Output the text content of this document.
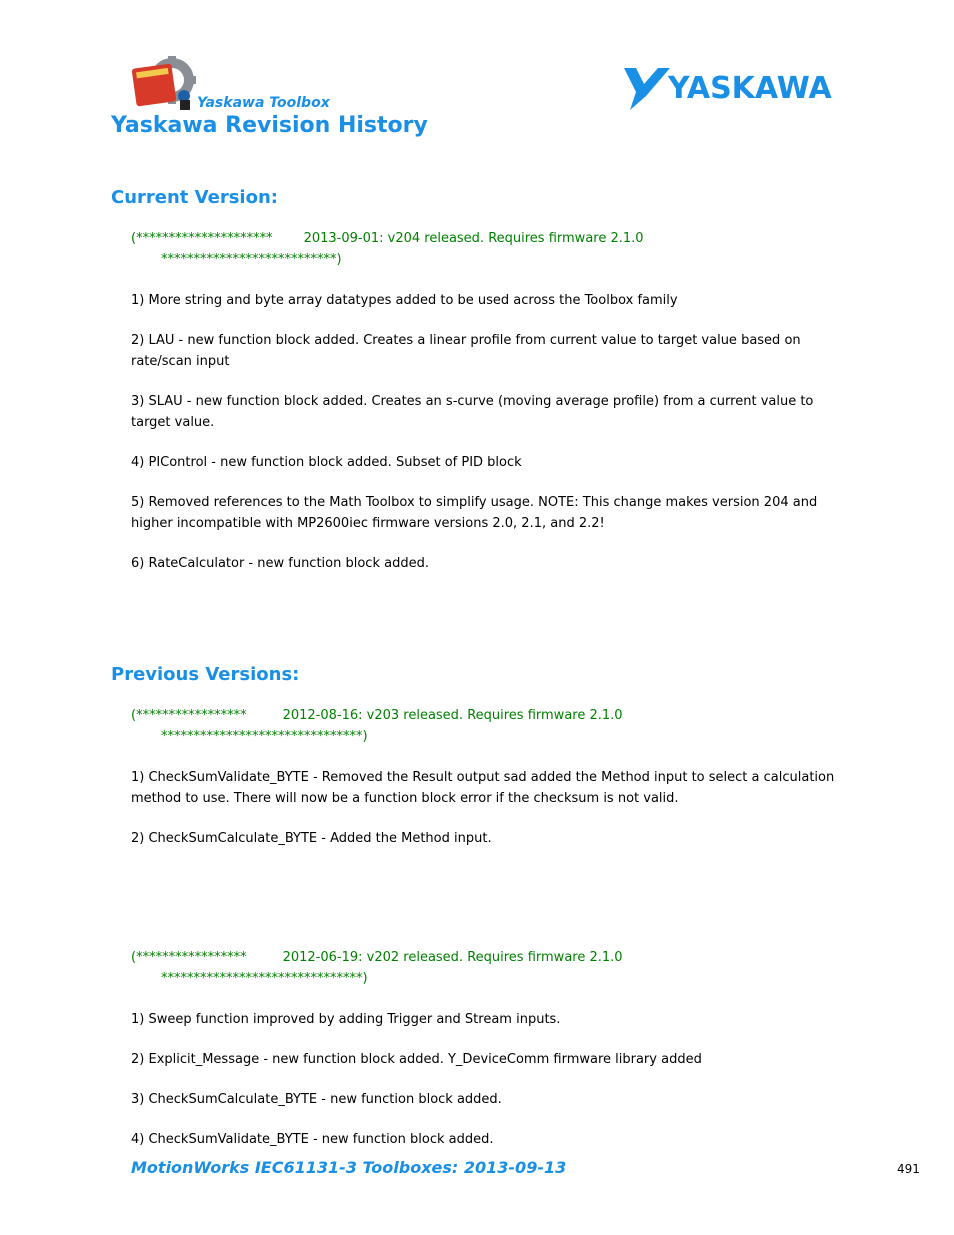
Yaskawa Toolbox
Yaskawa Revision History
YASKAWA
Current Version:

(********************* 2013-09-01: v204 released. Requires firmware 2.1.0

***************************)

1) More string and byte array datatypes added to be used across the Toolbox family

2) LAU - new function block added. Creates a linear profile from current value to target value based on rate/scan input

3) SLAU - new function block added. Creates an s-curve (moving average profile) from a current value to target value.

4) PIControl - new function block added. Subset of PID block

5) Removed references to the Math Toolbox to simplify usage. NOTE: This change makes version 204 and higher incompatible with MP2600iec firmware versions 2.0, 2.1, and 2.2!

6) RateCalculator - new function block added.

Previous Versions:

(*****************	2012-08-16: v203 released. Requires firmware 2.1.0

*******************************)

1) CheckSumValidate_BYTE - Removed the Result output sad added the Method input to select a calculation method to use. There will now be a function block error if the checksum is not valid.

2) CheckSumCalculate_BYTE - Added the Method input.

(*****************	2012-06-19: v202 released. Requires firmware 2.1.0

*******************************)

1) Sweep function improved by adding Trigger and Stream inputs.

2) Explicit_Message - new function block added. Y_DeviceComm firmware library added

3) CheckSumCalculate_BYTE - new function block added.

4) CheckSumValidate_BYTE - new function block added.

MotionWorks IEC61131-3 Toolboxes: 2013-09-13	491
